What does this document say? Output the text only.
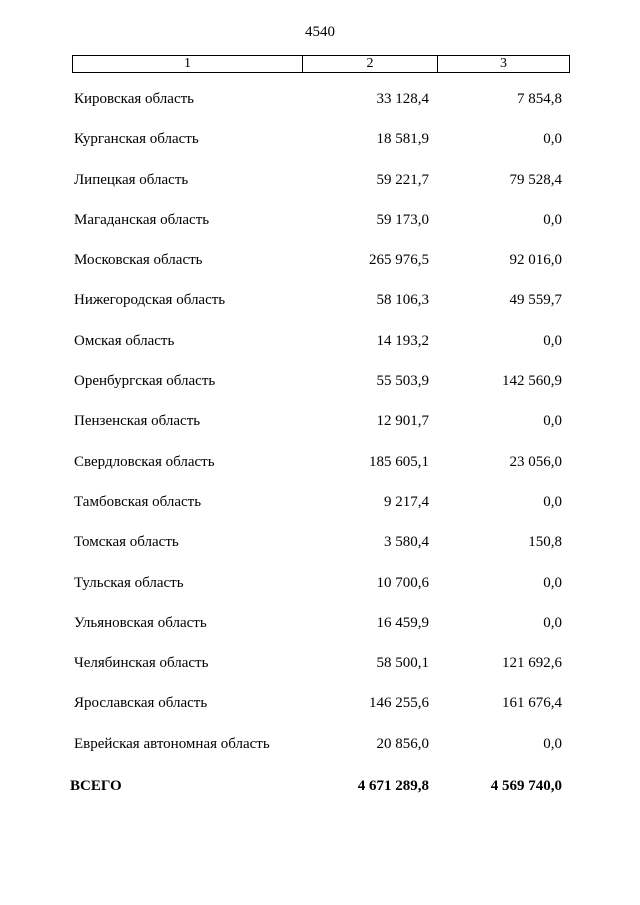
4540
1	2	3
Кировская область	33 128,4	7 854,8
Курганская область	18 581,9	0,0
Липецкая область	59 221,7	79 528,4
Магаданская область	59 173,0	0,0
Московская область	265 976,5	92 016,0
Нижегородская область	58 106,3	49 559,7
Омская область	14 193,2	0,0
Оренбургская область	55 503,9	142 560,9
Пензенская область	12 901,7	0,0
Свердловская область	185 605,1	23 056,0
Тамбовская область	9 217,4	0,0
Томская область	3 580,4	150,8
Тульская область	10 700,6	0,0
Ульяновская область	16 459,9	0,0
Челябинская область	58 500,1	121 692,6
Ярославская область	146 255,6	161 676,4
Еврейская автономная область	20 856,0	0,0
ВСЕГО	4 671 289,8	4 569 740,0
